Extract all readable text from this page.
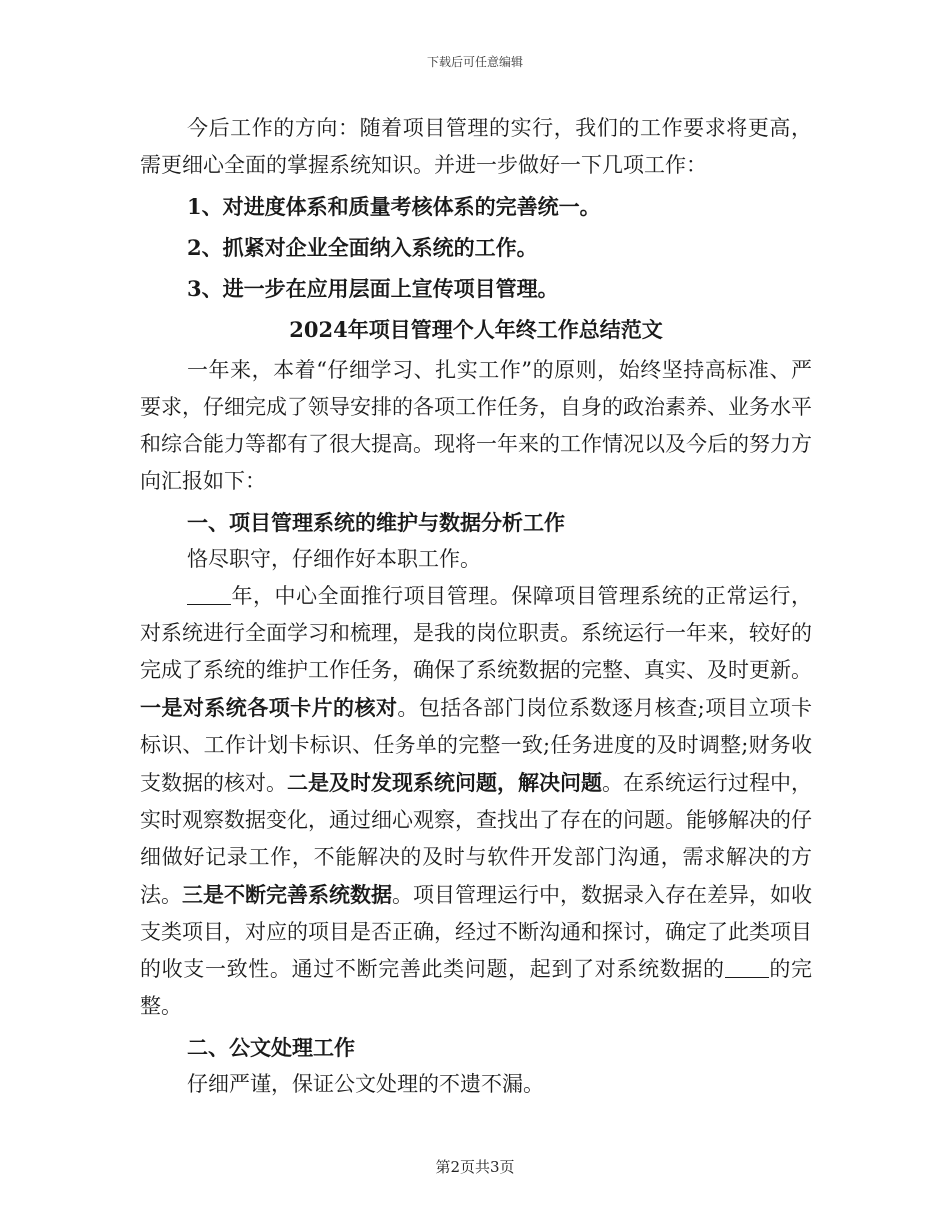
下载后可任意编辑

今后工作的方向：随着项目管理的实行，我们的工作要求将更高，需更细心全面的掌握系统知识。并进一步做好一下几项工作：

1、对进度体系和质量考核体系的完善统一。

2、抓紧对企业全面纳入系统的工作。

3、进一步在应用层面上宣传项目管理。

2024年项目管理个人年终工作总结范文

一年来，本着“仔细学习、扎实工作”的原则，始终坚持高标准、严要求，仔细完成了领导安排的各项工作任务，自身的政治素养、业务水平和综合能力等都有了很大提高。现将一年来的工作情况以及今后的努力方向汇报如下：

一、项目管理系统的维护与数据分析工作

恪尽职守，仔细作好本职工作。

年，中心全面推行项目管理。保障项目管理系统的正常运行，对系统进行全面学习和梳理，是我的岗位职责。系统运行一年来，较好的完成了系统的维护工作任务，确保了系统数据的完整、真实、及时更新。一是对系统各项卡片的核对。包括各部门岗位系数逐月核查;项目立项卡标识、工作计划卡标识、任务单的完整一致;任务进度的及时调整;财务收支数据的核对。二是及时发现系统问题，解决问题。在系统运行过程中，实时观察数据变化，通过细心观察，查找出了存在的问题。能够解决的仔细做好记录工作，不能解决的及时与软件开发部门沟通，需求解决的方法。三是不断完善系统数据。项目管理运行中，数据录入存在差异，如收支类项目，对应的项目是否正确，经过不断沟通和探讨，确定了此类项目的收支一致性。通过不断完善此类问题，起到了对系统数据的 的完整。

二、公文处理工作

仔细严谨，保证公文处理的不遗不漏。

第2页共3页
